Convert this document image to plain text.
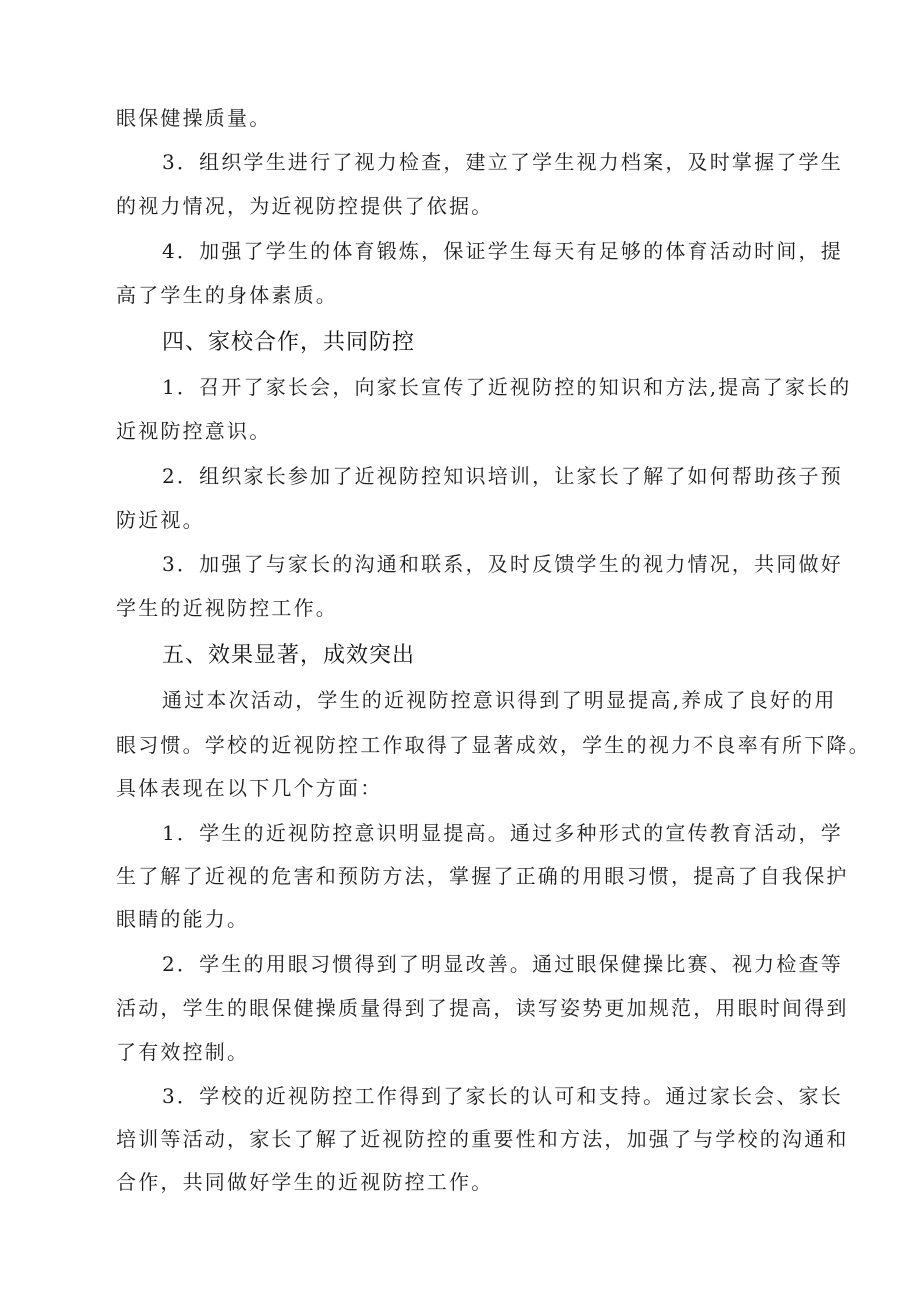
眼保健操质量。
3．组织学生进行了视力检查，建立了学生视力档案，及时掌握了学生
的视力情况，为近视防控提供了依据。
4．加强了学生的体育锻炼，保证学生每天有足够的体育活动时间，提
高了学生的身体素质。
四、家校合作，共同防控
1．召开了家长会，向家长宣传了近视防控的知识和方法,提高了家长的
近视防控意识。
2．组织家长参加了近视防控知识培训，让家长了解了如何帮助孩子预
防近视。
3．加强了与家长的沟通和联系，及时反馈学生的视力情况，共同做好
学生的近视防控工作。
五、效果显著，成效突出
通过本次活动，学生的近视防控意识得到了明显提高,养成了良好的用
眼习惯。学校的近视防控工作取得了显著成效，学生的视力不良率有所下降。
具体表现在以下几个方面：
1．学生的近视防控意识明显提高。通过多种形式的宣传教育活动，学
生了解了近视的危害和预防方法，掌握了正确的用眼习惯，提高了自我保护
眼睛的能力。
2．学生的用眼习惯得到了明显改善。通过眼保健操比赛、视力检查等
活动，学生的眼保健操质量得到了提高，读写姿势更加规范，用眼时间得到
了有效控制。
3．学校的近视防控工作得到了家长的认可和支持。通过家长会、家长
培训等活动，家长了解了近视防控的重要性和方法，加强了与学校的沟通和
合作，共同做好学生的近视防控工作。
